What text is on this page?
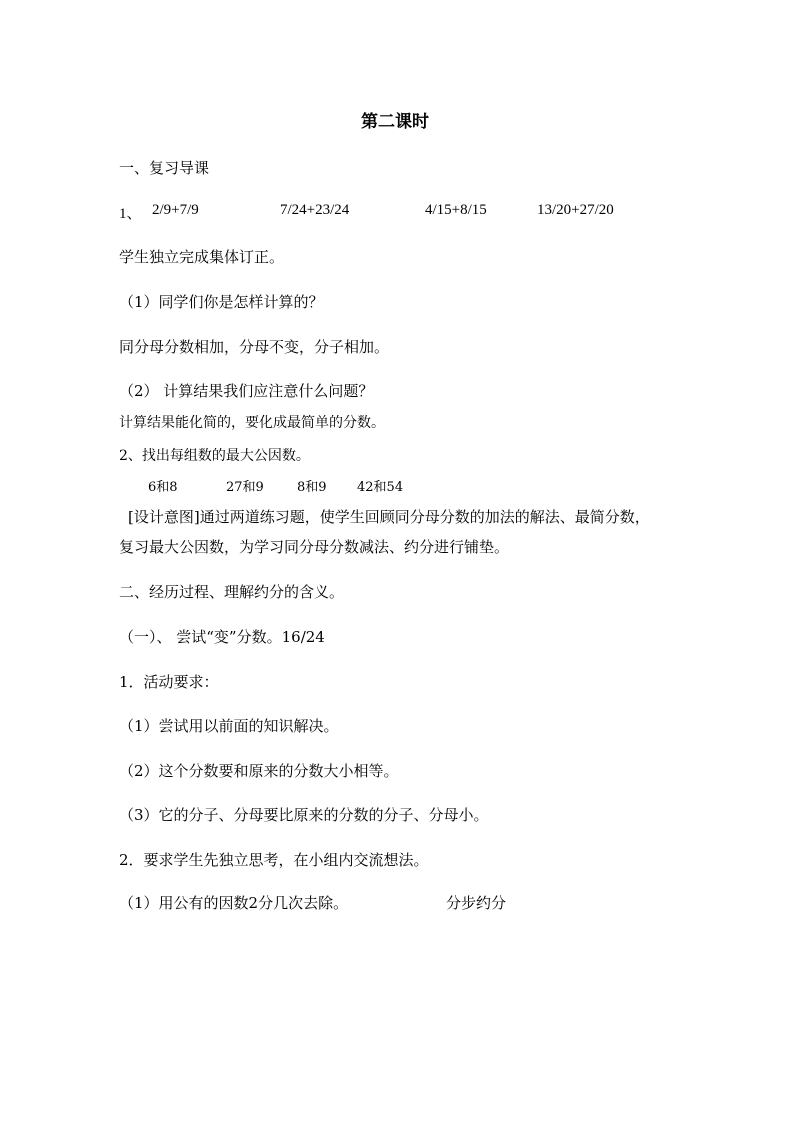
第二课时
一、复习导课
1、 2/9+7/9	7/24+23/24	4/15+8/15	13/20+27/20
学生独立完成集体订正。
（1）同学们你是怎样计算的？
同分母分数相加，分母不变，分子相加。
（2） 计算结果我们应注意什么问题？
计算结果能化简的，要化成最简单的分数。
2、找出每组数的最大公因数。
6和8	27和9	8和9 42和54
[设计意图]通过两道练习题，使学生回顾同分母分数的加法的解法、最简分数，
复习最大公因数，为学习同分母分数减法、约分进行铺垫。
二、经历过程、理解约分的含义。
（一）、 尝试“变”分数。16/24
1．活动要求：
（1）尝试用以前面的知识解决。
（2）这个分数要和原来的分数大小相等。
（3）它的分子、分母要比原来的分数的分子、分母小。
2．要求学生先独立思考，在小组内交流想法。
（1）用公有的因数2分几次去除。	分步约分
